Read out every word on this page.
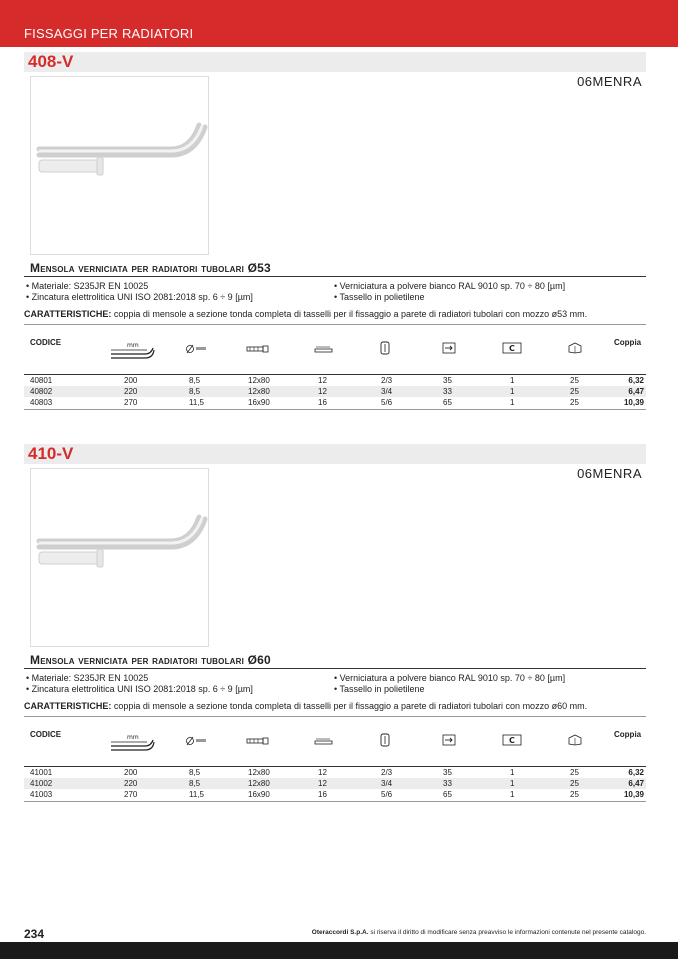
FISSAGGI PER RADIATORI
408-V
06MENRA
Mensola verniciata per radiatori tubolari Ø53
• Materiale: S235JR EN 10025
• Zincatura elettrolitica UNI ISO 2081:2018 sp. 6 ÷ 9 [µm]
• Verniciatura a polvere bianco RAL 9010 sp. 70 ÷ 80 [µm]
• Tassello in polietilene
CARATTERISTICHE: coppia di mensole a sezione tonda completa di tasselli per il fissaggio a parete di radiatori tubolari con mozzo ø53 mm.
CODICE	mm	C
Coppia
40801	200	8,5	12x80	12	2/3	35	1	25	6,32
40802	220	8,5	12x80	12	3/4	33	1	25	6,47
40803	270	11,5	16x90	16	5/6	65	1	25	10,39
410-V
06MENRA
Mensola verniciata per radiatori tubolari Ø60
• Materiale: S235JR EN 10025
• Zincatura elettrolitica UNI ISO 2081:2018 sp. 6 ÷ 9 [µm]
• Verniciatura a polvere bianco RAL 9010 sp. 70 ÷ 80 [µm]
• Tassello in polietilene
CARATTERISTICHE: coppia di mensole a sezione tonda completa di tasselli per il fissaggio a parete di radiatori tubolari con mozzo ø60 mm.
CODICE	mm	C
Coppia
41001	200	8,5	12x80	12	2/3	35	1	25	6,32
41002	220	8,5	12x80	12	3/4	33	1	25	6,47
41003	270	11,5	16x90	16	5/6	65	1	25	10,39
234	Oteraccordi S.p.A. si riserva il diritto di modificare senza preavviso le informazioni contenute nel presente catalogo.
